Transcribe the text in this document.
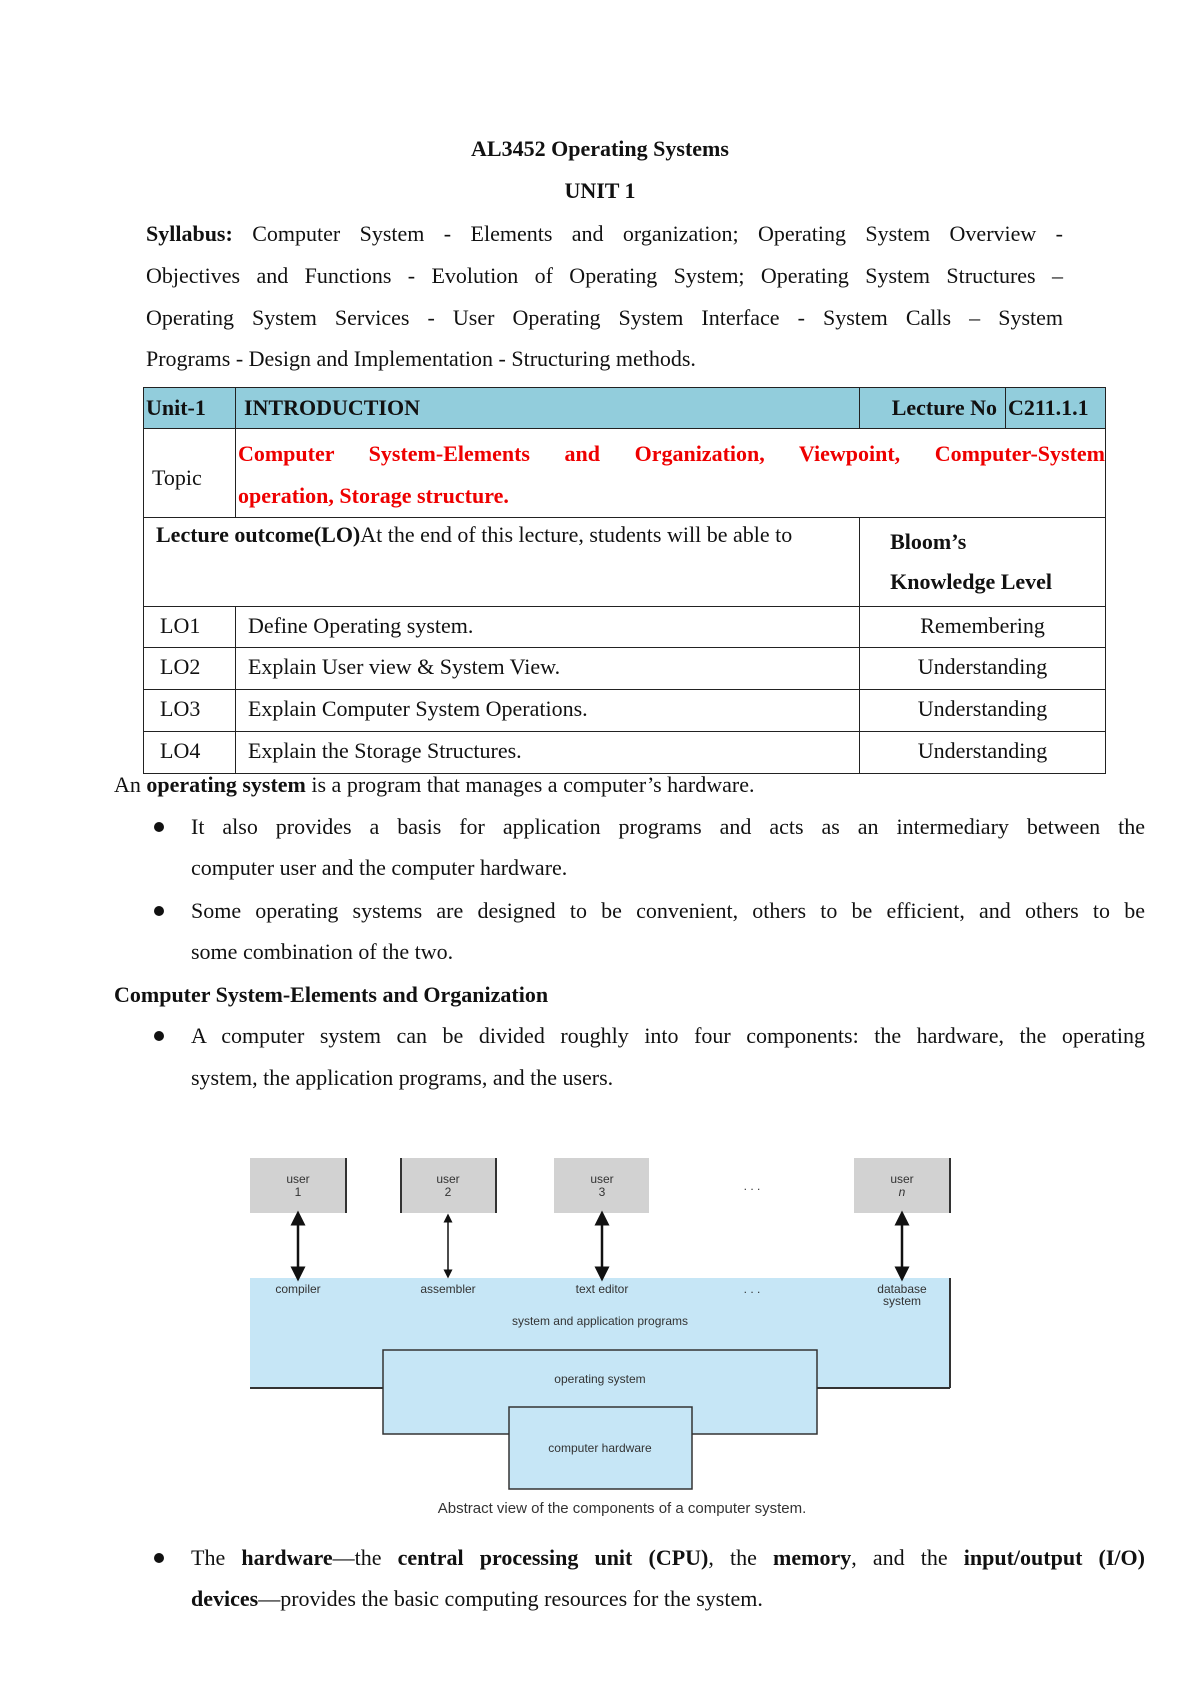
AL3452 Operating Systems
UNIT 1
Syllabus: Computer System - Elements and organization; Operating System Overview -
Objectives and Functions - Evolution of Operating System; Operating System Structures –
Operating System Services - User Operating System Interface - System Calls – System
Programs - Design and Implementation - Structuring methods.
Unit-1	INTRODUCTION	Lecture No	C211.1.1
Topic	Computer System-Elements and Organization, Viewpoint, Computer-System
operation, Storage structure.		

Lecture outcome(LO)At the end of this lecture, students will be able to		Bloom’s
Knowledge Level	

LO1	Define Operating system.	Remembering	
LO2	Explain User view & System View.	Understanding	
LO3	Explain Computer System Operations.	Understanding	
LO4	Explain the Storage Structures.	Understanding	
An operating system is a program that manages a computer’s hardware.
It also provides a basis for application programs and acts as an intermediary between the
computer user and the computer hardware.
Some operating systems are designed to be convenient, others to be efficient, and others to be
some combination of the two.
Computer System-Elements and Organization
A computer system can be divided roughly into four components: the hardware, the operating
system, the application programs, and the users.
user
1
user
2
user
3
user
n
. . .
compiler	assembler	text editor	. . .	database
system
system and application programs
operating system
computer hardware
Abstract view of the components of a computer system.
The hardware—the central processing unit (CPU), the memory, and the input/output (I/O)
devices—provides the basic computing resources for the system.
